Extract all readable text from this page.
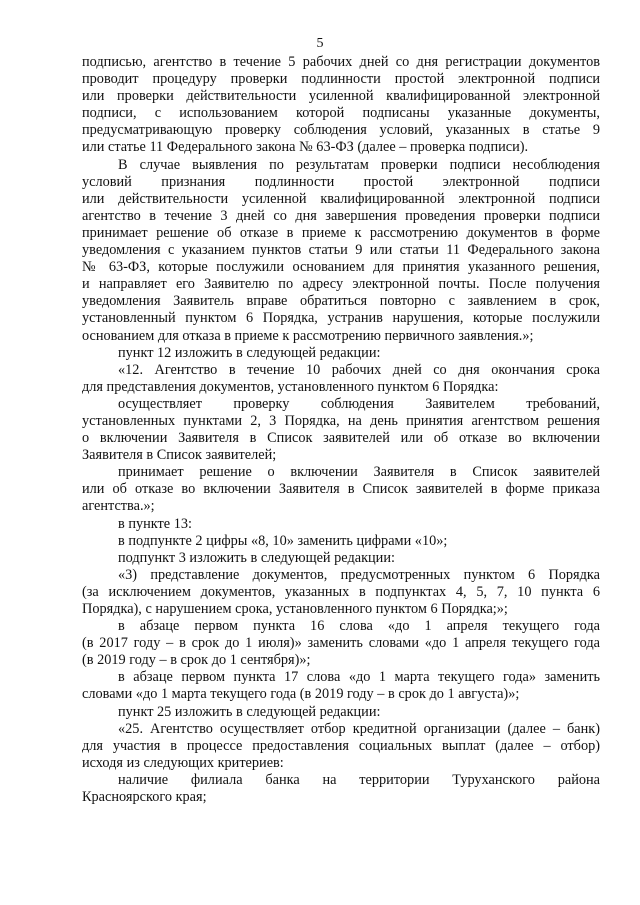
5
подписью, агентство в течение 5 рабочих дней со дня регистрации документов
проводит процедуру проверки подлинности простой электронной подписи
или проверки действительности усиленной квалифицированной электронной
подписи, с использованием которой подписаны указанные документы,
предусматривающую проверку соблюдения условий, указанных в статье 9
или статье 11 Федерального закона № 63-ФЗ (далее – проверка подписи).
В случае выявления по результатам проверки подписи несоблюдения
условий признания подлинности простой электронной подписи
или действительности усиленной квалифицированной электронной подписи
агентство в течение 3 дней со дня завершения проведения проверки подписи
принимает решение об отказе в приеме к рассмотрению документов в форме
уведомления с указанием пунктов статьи 9 или статьи 11 Федерального закона
№ 63-ФЗ, которые послужили основанием для принятия указанного решения,
и направляет его Заявителю по адресу электронной почты. После получения
уведомления Заявитель вправе обратиться повторно с заявлением в срок,
установленный пунктом 6 Порядка, устранив нарушения, которые послужили
основанием для отказа в приеме к рассмотрению первичного заявления.»;
пункт 12 изложить в следующей редакции:
«12. Агентство в течение 10 рабочих дней со дня окончания срока
для представления документов, установленного пунктом 6 Порядка:
осуществляет проверку соблюдения Заявителем требований,
установленных пунктами 2, 3 Порядка, на день принятия агентством решения
о включении Заявителя в Список заявителей или об отказе во включении
Заявителя в Список заявителей;
принимает решение о включении Заявителя в Список заявителей
или об отказе во включении Заявителя в Список заявителей в форме приказа
агентства.»;
в пункте 13:
в подпункте 2 цифры «8, 10» заменить цифрами «10»;
подпункт 3 изложить в следующей редакции:
«3) представление документов, предусмотренных пунктом 6 Порядка
(за исключением документов, указанных в подпунктах 4, 5, 7, 10 пункта 6
Порядка), с нарушением срока, установленного пунктом 6 Порядка;»;
в абзаце первом пункта 16 слова «до 1 апреля текущего года
(в 2017 году – в срок до 1 июля)» заменить словами «до 1 апреля текущего года
(в 2019 году – в срок до 1 сентября)»;
в абзаце первом пункта 17 слова «до 1 марта текущего года» заменить
словами «до 1 марта текущего года (в 2019 году – в срок до 1 августа)»;
пункт 25 изложить в следующей редакции:
«25. Агентство осуществляет отбор кредитной организации (далее – банк)
для участия в процессе предоставления социальных выплат (далее – отбор)
исходя из следующих критериев:
наличие филиала банка на территории Туруханского района
Красноярского края;
